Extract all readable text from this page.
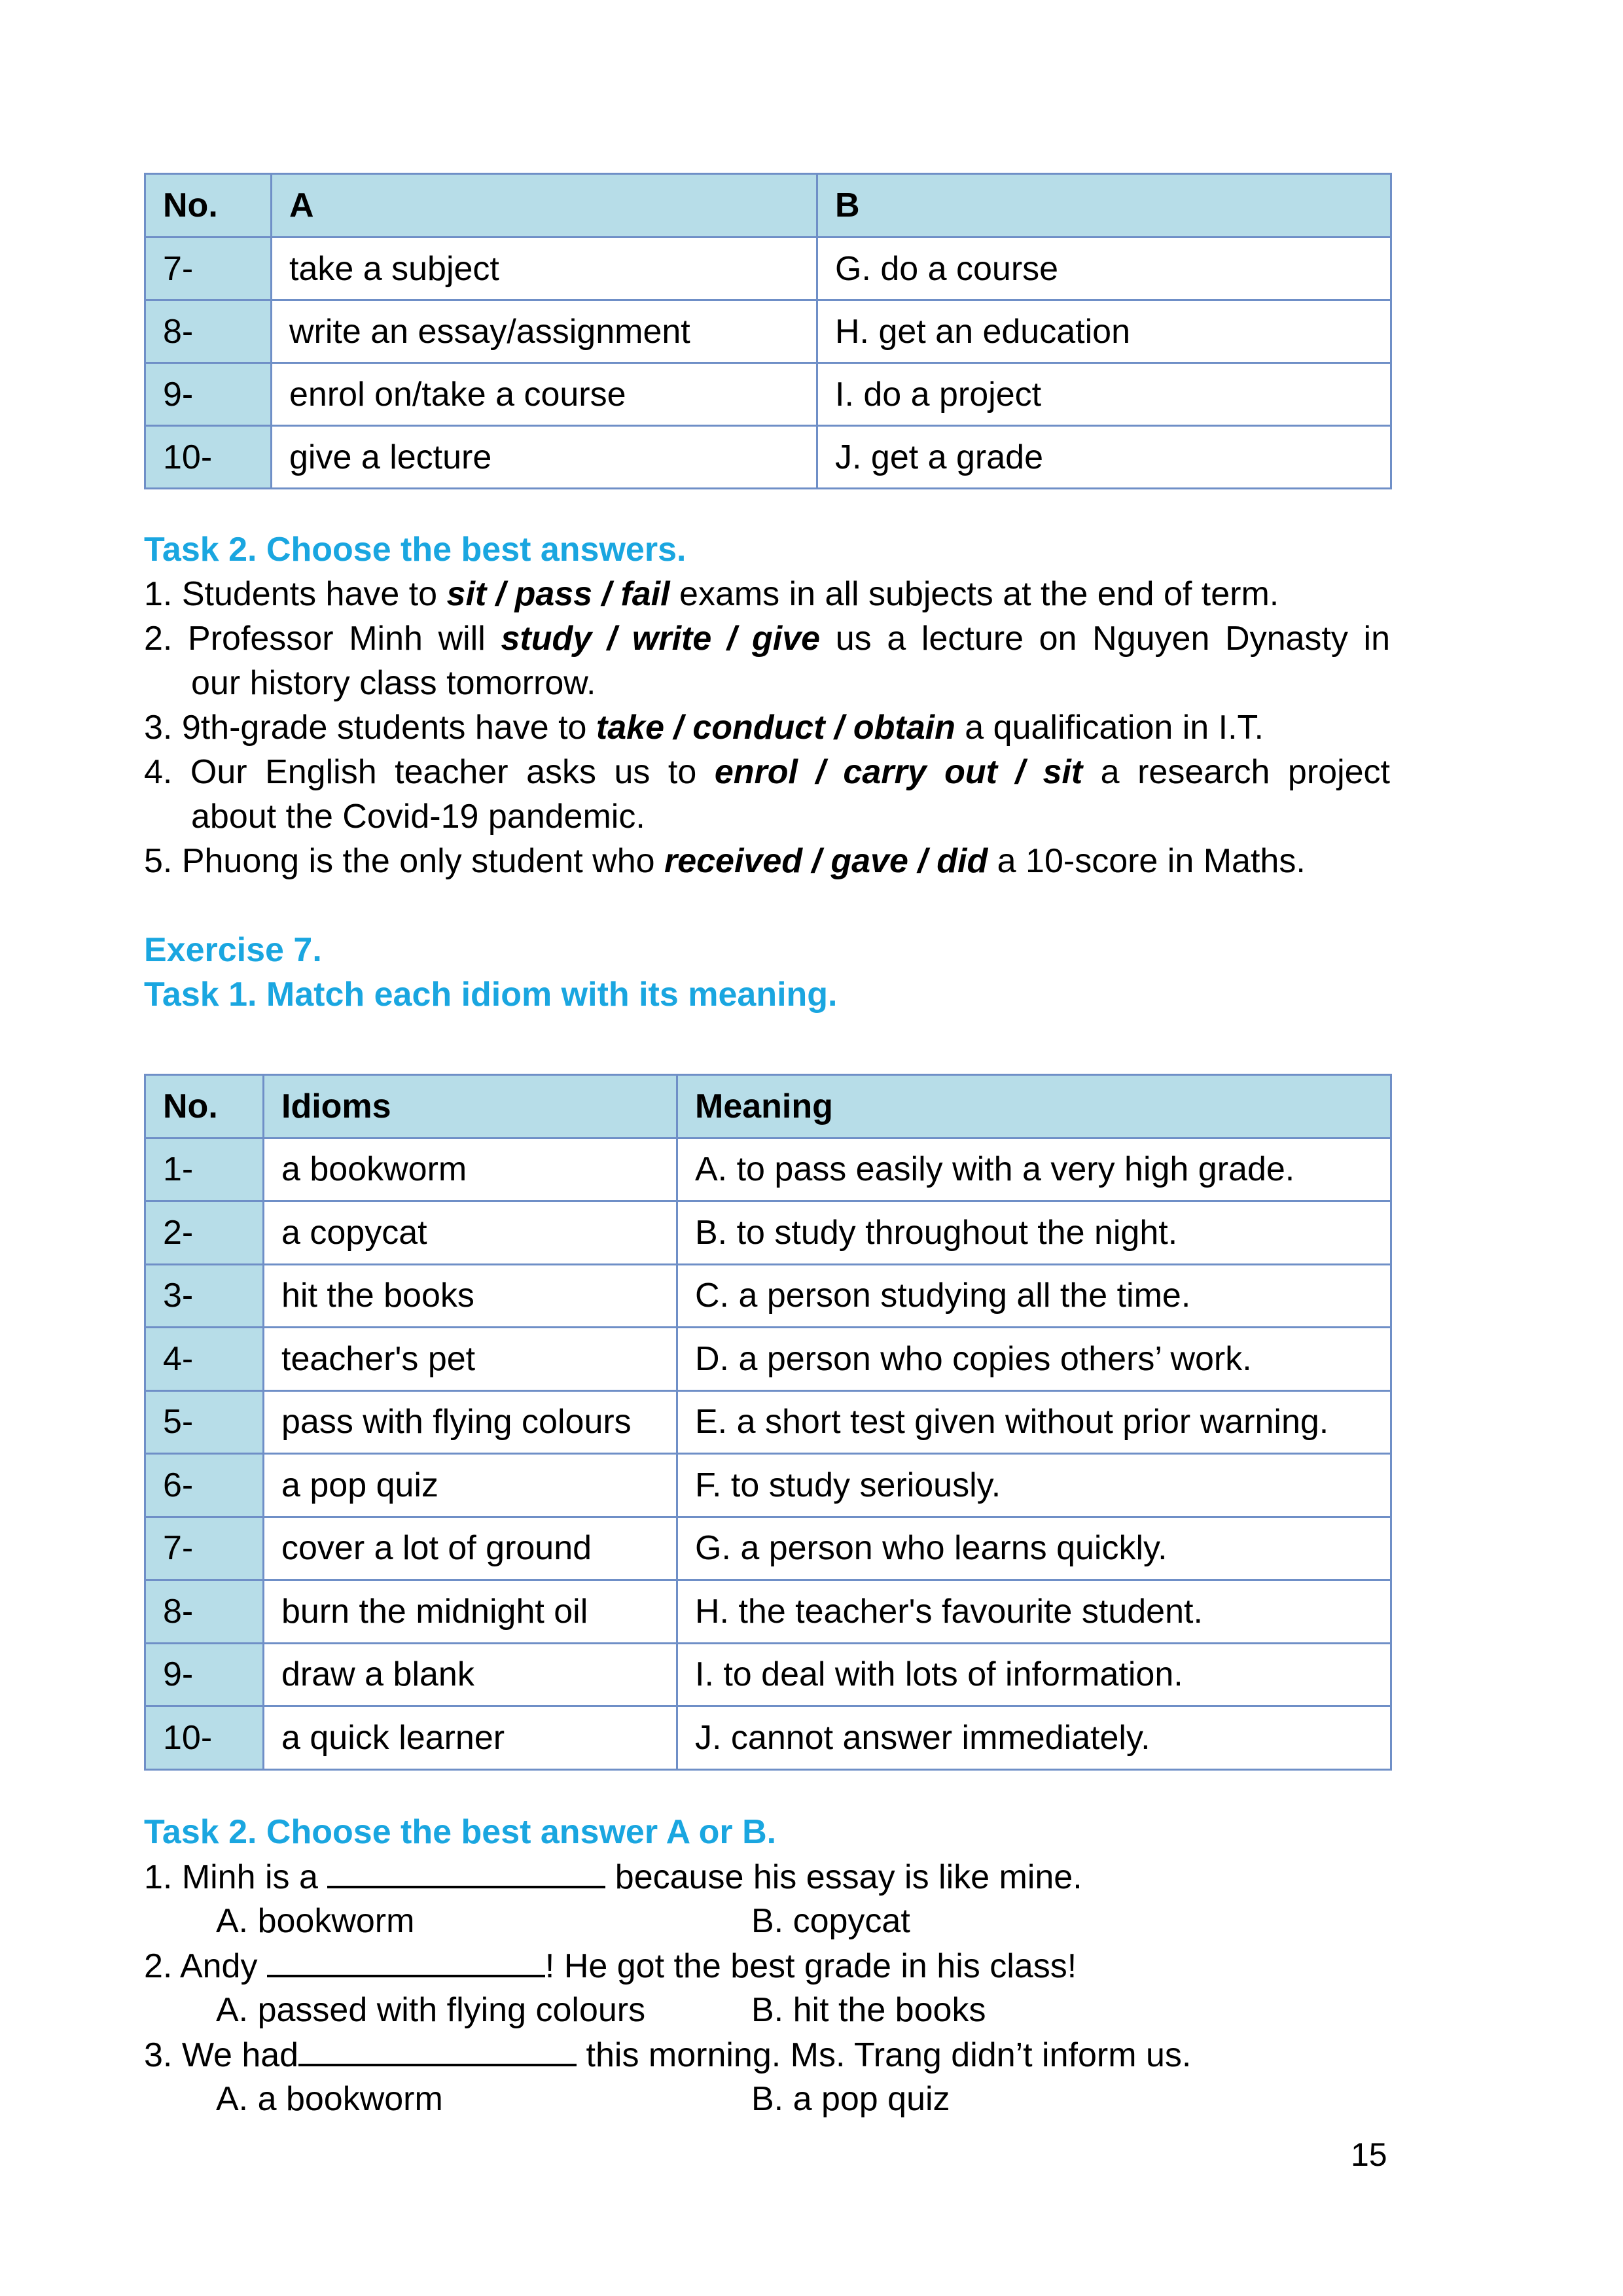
No.	A	B
7-	take a subject	G. do a course
8-	write an essay/assignment	H. get an education
9-	enrol on/take a course	I. do a project
10-	give a lecture	J. get a grade
Task 2. Choose the best answers.
1. Students have to sit / pass / fail exams in all subjects at the end of term.
2. Professor Minh will study / write / give us a lecture on Nguyen Dynasty in
our history class tomorrow.
3. 9th-grade students have to take / conduct / obtain a qualification in I.T.
4. Our English teacher asks us to enrol / carry out / sit a research project
about the Covid-19 pandemic.
5. Phuong is the only student who received / gave / did a 10-score in Maths.
Exercise 7.
Task 1. Match each idiom with its meaning.
No.	Idioms	Meaning
1-	a bookworm	A. to pass easily with a very high grade.
2-	a copycat	B. to study throughout the night.
3-	hit the books	C. a person studying all the time.
4-	teacher's pet	D. a person who copies others’ work.
5-	pass with flying colours	E. a short test given without prior warning.
6-	a pop quiz	F. to study seriously.
7-	cover a lot of ground	G. a person who learns quickly.
8-	burn the midnight oil	H. the teacher's favourite student.
9-	draw a blank	I. to deal with lots of information.
10-	a quick learner	J. cannot answer immediately.
Task 2. Choose the best answer A or B.
1. Minh is a	because his essay is like mine.
A. bookworm	B. copycat
2. Andy	! He got the best grade in his class!
A. passed with flying colours	B. hit the books
3. We had	this morning. Ms. Trang didn’t inform us.
A. a bookworm	B. a pop quiz
15
